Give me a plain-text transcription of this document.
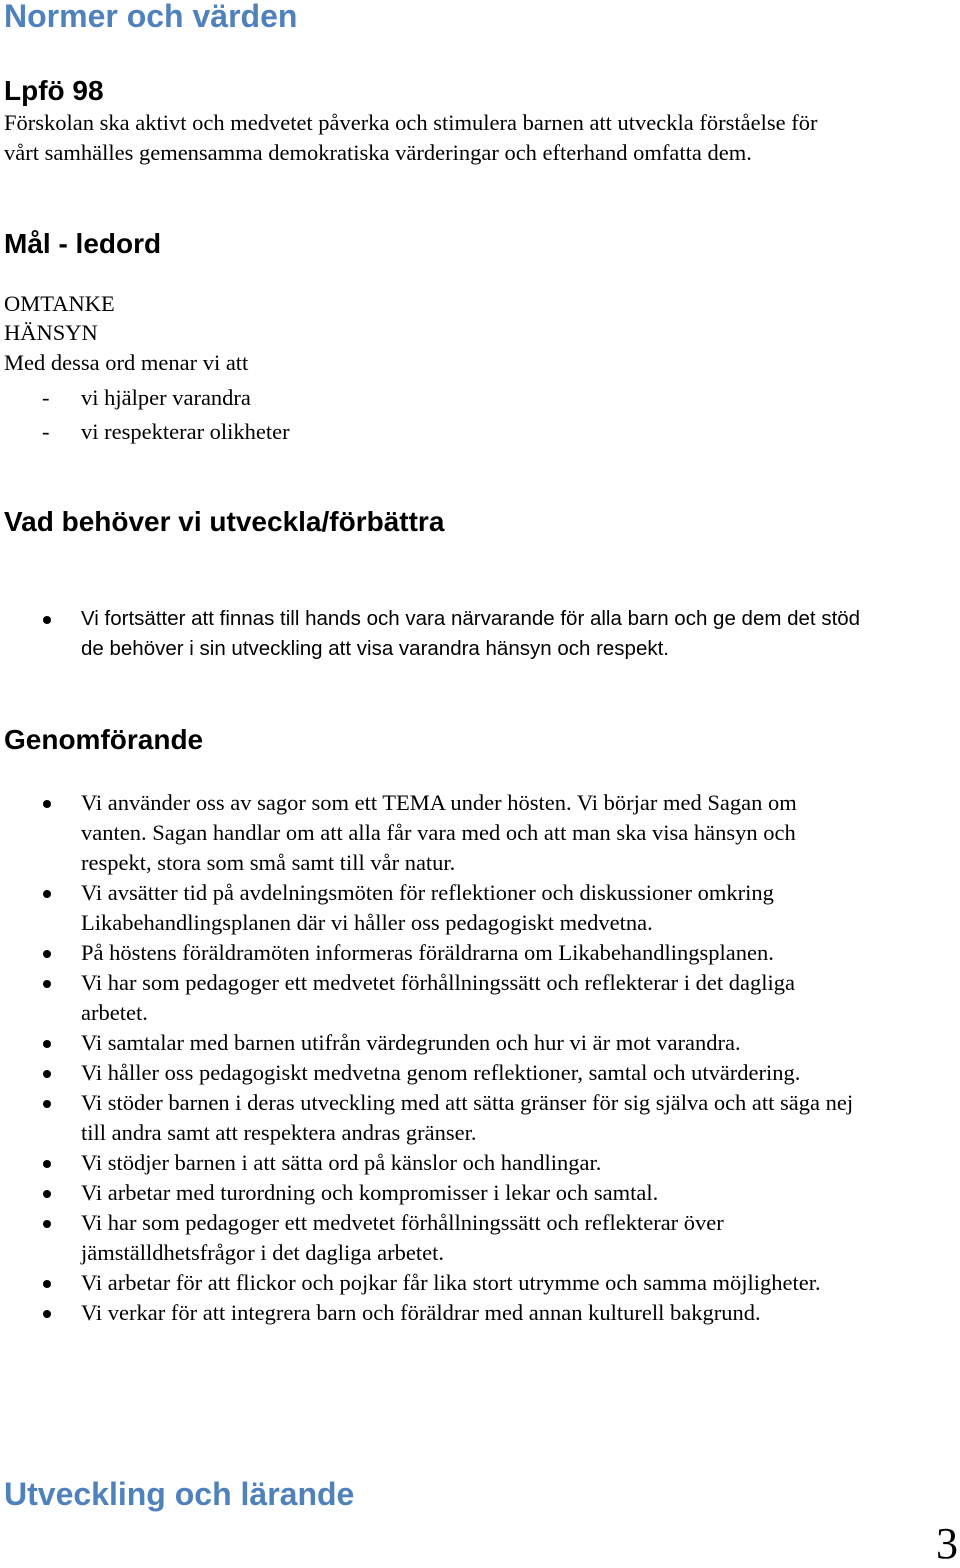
Normer och värden
Lpfö 98

Förskolan ska aktivt och medvetet påverka och stimulera barnen att utveckla förståelse för

vårt samhälles gemensamma demokratiska värderingar och efterhand omfatta dem.

Mål - ledord

OMTANKE

HÄNSYN

Med dessa ord menar vi att

- vi hjälper varandra
- vi respekterar olikheter
Vad behöver vi utveckla/förbättra
Vi fortsätter att finnas till hands och vara närvarande för alla barn och ge dem det stöd
de behöver i sin utveckling att visa varandra hänsyn och respekt.
Genomförande
Vi använder oss av sagor som ett TEMA under hösten. Vi börjar med Sagan om
vanten. Sagan handlar om att alla får vara med och att man ska visa hänsyn och
respekt, stora som små samt till vår natur.
Vi avsätter tid på avdelningsmöten för reflektioner och diskussioner omkring
Likabehandlingsplanen där vi håller oss pedagogiskt medvetna.
På höstens föräldramöten informeras föräldrarna om Likabehandlingsplanen.
Vi har som pedagoger ett medvetet förhållningssätt och reflekterar i det dagliga
arbetet.
Vi samtalar med barnen utifrån värdegrunden och hur vi är mot varandra.
Vi håller oss pedagogiskt medvetna genom reflektioner, samtal och utvärdering.
Vi stöder barnen i deras utveckling med att sätta gränser för sig själva och att säga nej
till andra samt att respektera andras gränser.
Vi stödjer barnen i att sätta ord på känslor och handlingar.
Vi arbetar med turordning och kompromisser i lekar och samtal.
Vi har som pedagoger ett medvetet förhållningssätt och reflekterar över
jämställdhetsfrågor i det dagliga arbetet.
Vi arbetar för att flickor och pojkar får lika stort utrymme och samma möjligheter.
Vi verkar för att integrera barn och föräldrar med annan kulturell bakgrund.
Utveckling och lärande
3
